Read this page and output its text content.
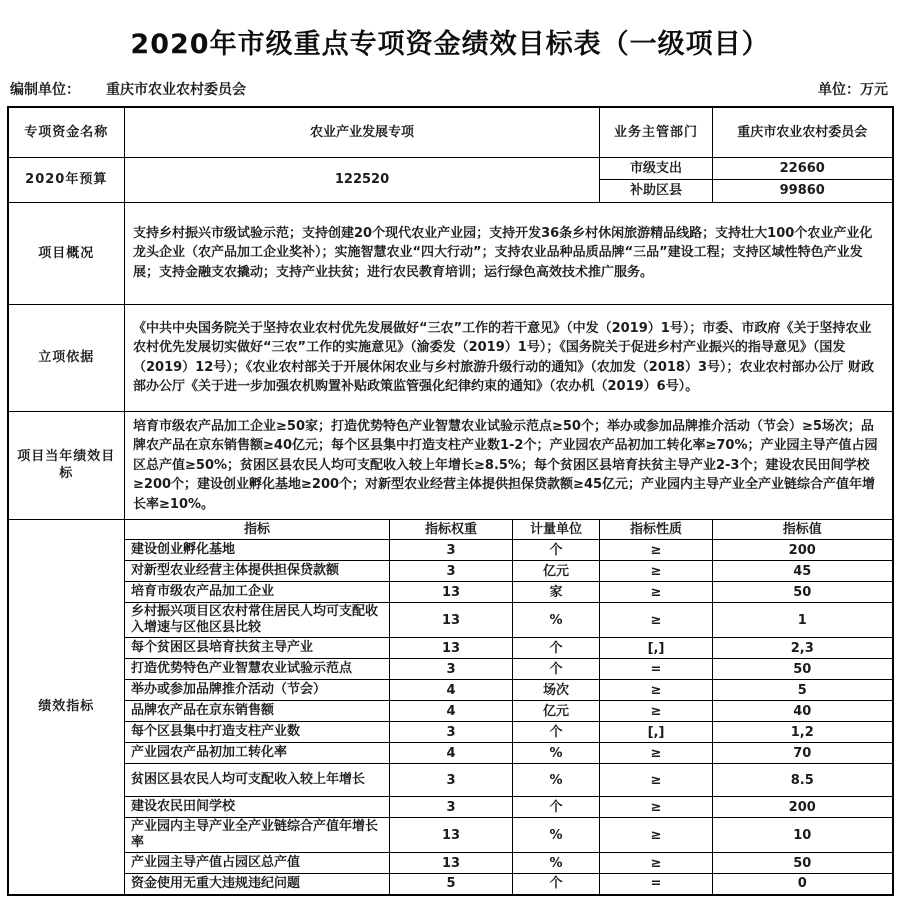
2020年市级重点专项资金绩效目标表（一级项目）
编制单位： 重庆市农业农村委员会	单位：万元
专项资金名称	农业产业发展专项			业务主管部门	重庆市农业农村委员会
2020年预算	122520			市级支出	22660
				补助区县	99860
项目概况	支持乡村振兴市级试验示范；支持创建20个现代农业产业园；支持开发36条乡村休闲旅游精品线路；支持壮大100个农业产业化龙头企业（农产品加工企业奖补）；实施智慧农业“四大行动”；支持农业品种品质品牌“三品”建设工程；支持区域性特色产业发展；支持金融支农撬动；支持产业扶贫；进行农民教育培训；运行绿色高效技术推广服务。				
立项依据	《中共中央国务院关于坚持农业农村优先发展做好“三农”工作的若干意见》（中发（2019）1号）；市委、市政府《关于坚持农业农村优先发展切实做好“三农”工作的实施意见》（渝委发（2019）1号）；《国务院关于促进乡村产业振兴的指导意见》（国发（2019）12号）；《农业农村部关于开展休闲农业与乡村旅游升级行动的通知》（农加发（2018）3号）；农业农村部办公厅 财政部办公厅《关于进一步加强农机购置补贴政策监管强化纪律约束的通知》（农办机（2019）6号）。				
项目当年绩效目标	培育市级农产品加工企业≥50家；打造优势特色产业智慧农业试验示范点≥50个；举办或参加品牌推介活动（节会）≥5场次；品牌农产品在京东销售额≥40亿元；每个区县集中打造支柱产业数1-2个；产业园农产品初加工转化率≥70%；产业园主导产值占园区总产值≥50%；贫困区县农民人均可支配收入较上年增长≥8.5%；每个贫困区县培育扶贫主导产业2-3个；建设农民田间学校≥200个；建设创业孵化基地≥200个；对新型农业经营主体提供担保贷款额≥45亿元；产业园内主导产业全产业链综合产值年增长率≥10%。				
绩效指标	指标	指标权重	计量单位	指标性质	指标值
	建设创业孵化基地	3	个	≥	200
	对新型农业经营主体提供担保贷款额	3	亿元	≥	45
	培育市级农产品加工企业	13	家	≥	50
	乡村振兴项目区农村常住居民人均可支配收入增速与区他区县比较	13	%	≥	1
	每个贫困区县培育扶贫主导产业	13	个	[,]	2,3
	打造优势特色产业智慧农业试验示范点	3	个	=	50
	举办或参加品牌推介活动（节会）	4	场次	≥	5
	品牌农产品在京东销售额	4	亿元	≥	40
	每个区县集中打造支柱产业数	3	个	[,]	1,2
	产业园农产品初加工转化率	4	%	≥	70
	贫困区县农民人均可支配收入较上年增长	3	%	≥	8.5
	建设农民田间学校	3	个	≥	200
	产业园内主导产业全产业链综合产值年增长率	13	%	≥	10
	产业园主导产值占园区总产值	13	%	≥	50
	资金使用无重大违规违纪问题	5	个	=	0
